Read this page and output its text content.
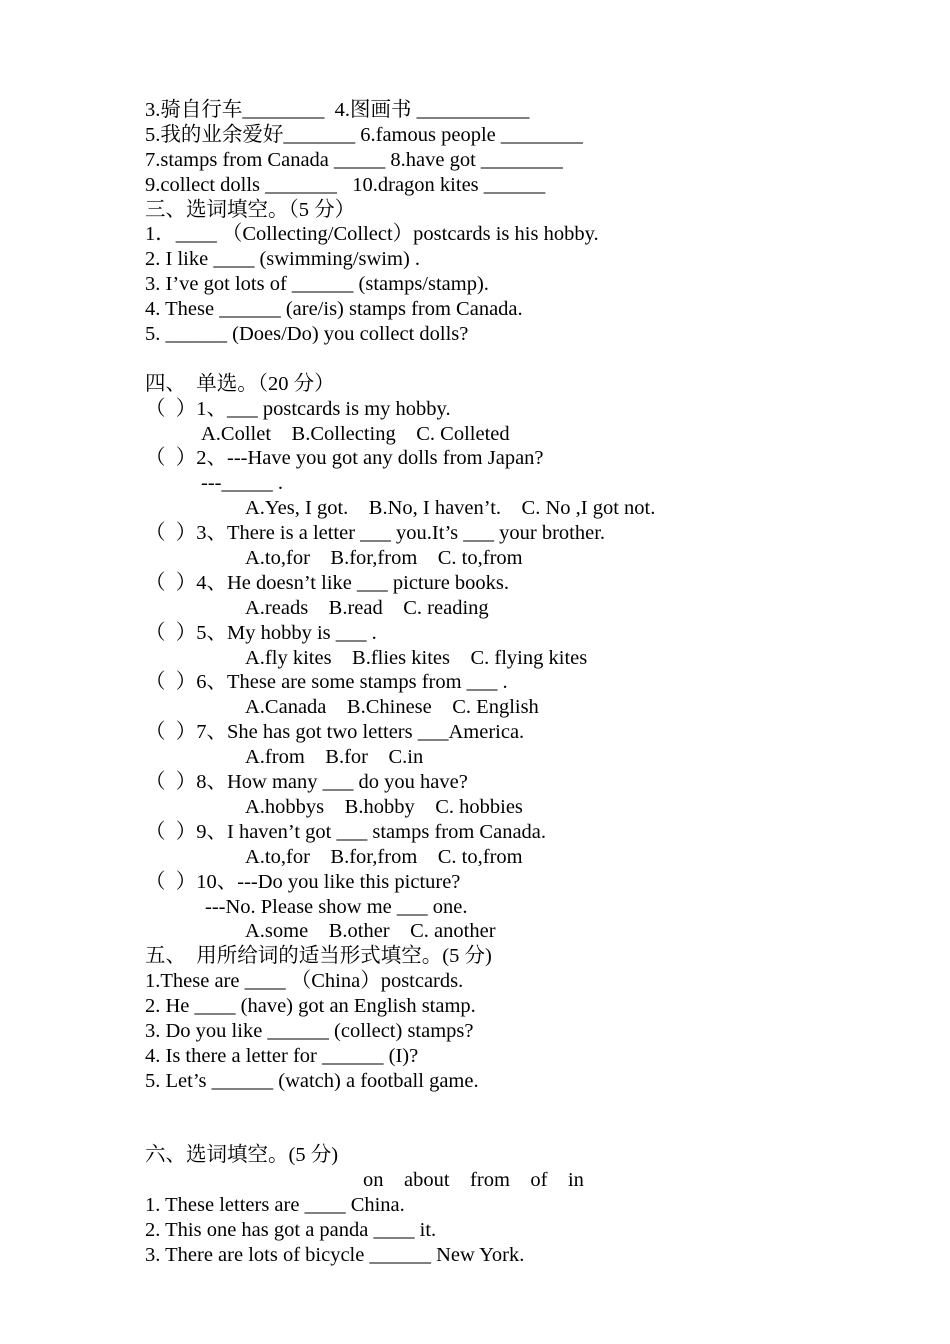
3.骑自行车________  4.图画书 ___________
5.我的业余爱好_______ 6.famous people ________
7.stamps from Canada _____ 8.have got ________
9.collect dolls _______   10.dragon kites ______
三、选词填空。（5 分）
1．____ （Collecting/Collect）postcards is his hobby.
2. I like ____ (swimming/swim) .
3. I’ve got lots of ______ (stamps/stamp).
4. These ______ (are/is) stamps from Canada.
5. ______ (Does/Do) you collect dolls?
四、  单选。（20 分）
（  ）1、___ postcards is my hobby.
A.Collet    B.Collecting    C. Colleted
（  ）2、---Have you got any dolls from Japan?
---_____ .
A.Yes, I got.    B.No, I haven’t.    C. No ,I got not.
（  ）3、There is a letter ___ you.It’s ___ your brother.
A.to,for    B.for,from    C. to,from
（  ）4、He doesn’t like ___ picture books.
A.reads    B.read    C. reading
（  ）5、My hobby is ___ .
A.fly kites    B.flies kites    C. flying kites
（  ）6、These are some stamps from ___ .
A.Canada    B.Chinese    C. English
（  ）7、She has got two letters ___America.
A.from    B.for    C.in
（  ）8、How many ___ do you have?
A.hobbys    B.hobby    C. hobbies
（  ）9、I haven’t got ___ stamps from Canada.
A.to,for    B.for,from    C. to,from
（  ）10、---Do you like this picture?
---No. Please show me ___ one.
A.some    B.other    C. another
五、  用所给词的适当形式填空。(5 分)
1.These are ____ （China）postcards.
2. He ____ (have) got an English stamp.
3. Do you like ______ (collect) stamps?
4. Is there a letter for ______ (I)?
5. Let’s ______ (watch) a football game.
六、选词填空。(5 分)
on    about    from    of    in
1. These letters are ____ China.
2. This one has got a panda ____ it.
3. There are lots of bicycle ______ New York.
